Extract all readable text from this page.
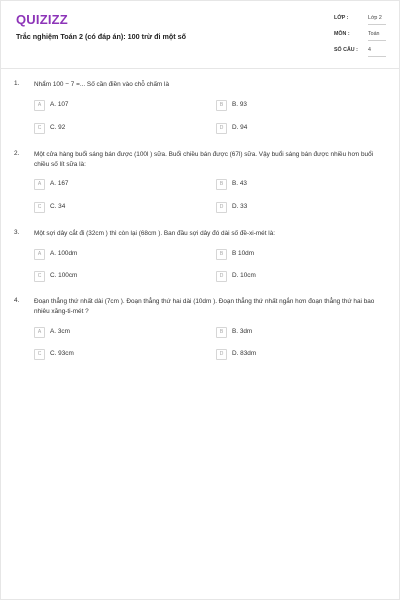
QUIZIZZ
Trắc nghiệm Toán 2 (có đáp án): 100 trừ đi một số
LỚP :	Lớp 2
MÔN :	Toán
SỐ CÂU : 4
1. Nhẩm 100 − 7 =... Số cần điền vào chỗ chấm là
A	A. 107	B	B. 93
C	C. 92	D	D. 94
2. Một cửa hàng buổi sáng bán được (100l ) sữa. Buổi chiều bán được (67l) sữa. Vậy buổi sáng bán được nhiều hơn buổi chiều số lít sữa là:
A	A. 167	B	B. 43
C	C. 34	D	D. 33
3. Một sợi dây cắt đi (32cm ) thì còn lại (68cm ). Ban đầu sợi dây đó dài số đề-xi-mét là:
A	A. 100dm	B	B 10dm
C	C. 100cm	D	D. 10cm
4. Đoạn thẳng thứ nhất dài (7cm ). Đoạn thẳng thứ hai dài (10dm ). Đoạn thẳng thứ nhất ngắn hơn đoạn thẳng thứ hai bao nhiêu xăng-ti-mét ?
A	A. 3cm	B	B. 3dm
C	C. 93cm	D	D. 83dm
